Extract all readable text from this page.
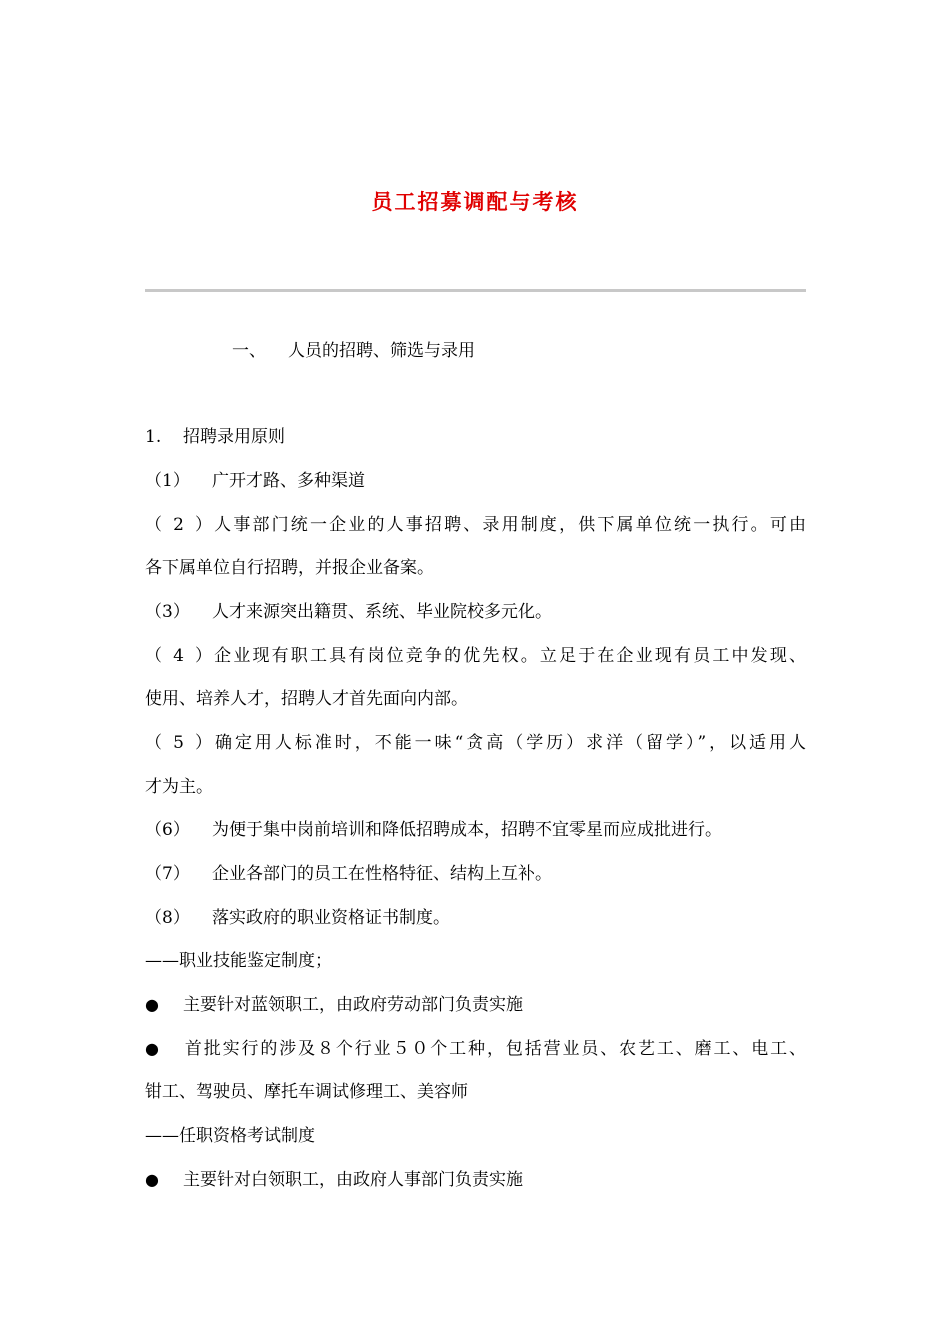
员工招募调配与考核
一、 人员的招聘、筛选与录用
1. 招聘录用原则
（1） 广开才路、多种渠道
（2）人事部门统一企业的人事招聘、录用制度，供下属单位统一执行。可由
各下属单位自行招聘，并报企业备案。
（3） 人才来源突出籍贯、系统、毕业院校多元化。
（4）企业现有职工具有岗位竞争的优先权。立足于在企业现有员工中发现、
使用、培养人才，招聘人才首先面向内部。
（5）确定用人标准时，不能一味“贪高（学历）求洋（留学）”，以适用人
才为主。
（6） 为便于集中岗前培训和降低招聘成本，招聘不宜零星而应成批进行。
（7） 企业各部门的员工在性格特征、结构上互补。
（8） 落实政府的职业资格证书制度。
——职业技能鉴定制度；
● 主要针对蓝领职工，由政府劳动部门负责实施
● 首批实行的涉及８个行业５０个工种，包括营业员、农艺工、磨工、电工、
钳工、驾驶员、摩托车调试修理工、美容师
——任职资格考试制度
● 主要针对白领职工，由政府人事部门负责实施
